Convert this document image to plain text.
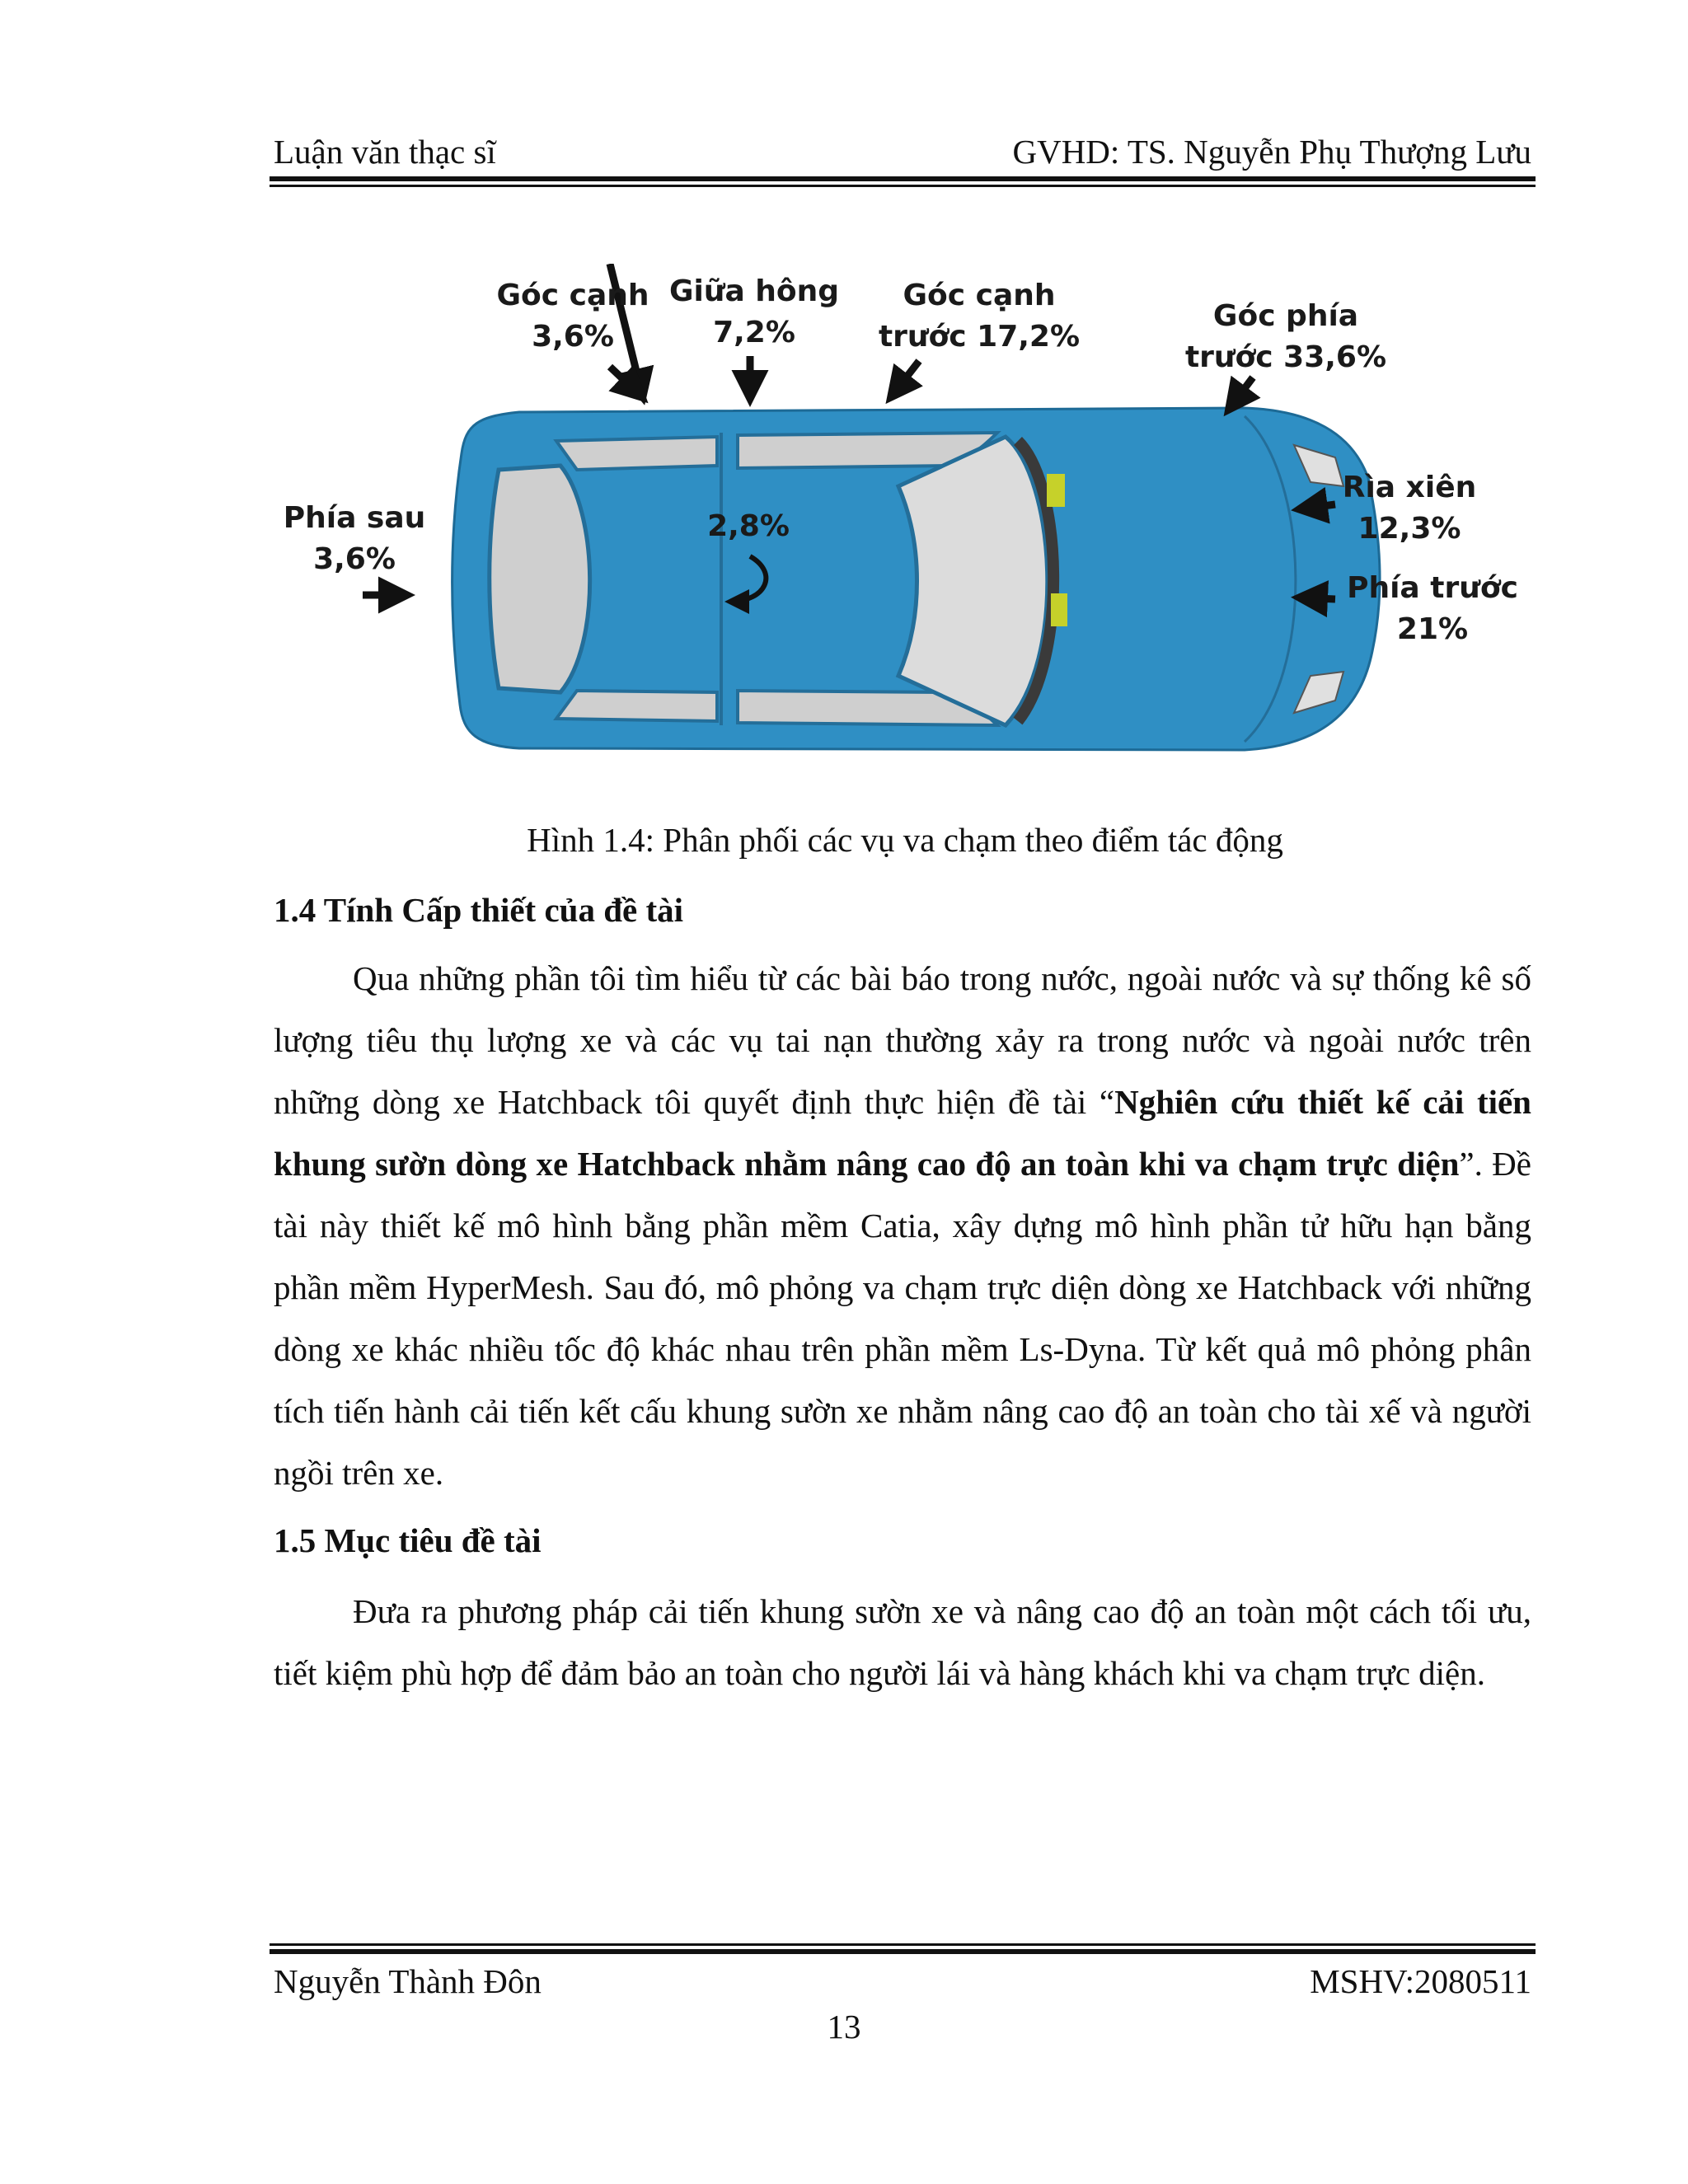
Luận văn thạc sĩ	GVHD: TS. Nguyễn Phụ Thượng Lưu
Góc cạnh
3,6%
Giữa hông
7,2%
Góc cạnh
trước 17,2%
Góc phía
trước 33,6%
Rìa xiên
12,3%
Phía trước
21%
Phía sau
3,6%
2,8%
Hình 1.4: Phân phối các vụ va chạm theo điểm tác động
1.4 Tính Cấp thiết của đề tài

Qua những phần tôi tìm hiểu từ các bài báo trong nước, ngoài nước và sự thống kê số lượng tiêu thụ lượng xe và các vụ tai nạn thường xảy ra trong nước và ngoài nước trên những dòng xe Hatchback tôi quyết định thực hiện đề tài “Nghiên cứu thiết kế cải tiến khung sườn dòng xe Hatchback nhằm nâng cao độ an toàn khi va chạm trực diện”. Đề tài này thiết kế mô hình bằng phần mềm Catia, xây dựng mô hình phần tử hữu hạn bằng phần mềm HyperMesh. Sau đó, mô phỏng va chạm trực diện dòng xe Hatchback với những dòng xe khác nhiều tốc độ khác nhau trên phần mềm Ls-Dyna. Từ kết quả mô phỏng phân tích tiến hành cải tiến kết cấu khung sườn xe nhằm nâng cao độ an toàn cho tài xế và người ngồi trên xe.

1.5 Mục tiêu đề tài

Đưa ra phương pháp cải tiến khung sườn xe và nâng cao độ an toàn một cách tối ưu, tiết kiệm phù hợp để đảm bảo an toàn cho người lái và hàng khách khi va chạm trực diện.

Nguyễn Thành Đôn	MSHV:2080511
13
